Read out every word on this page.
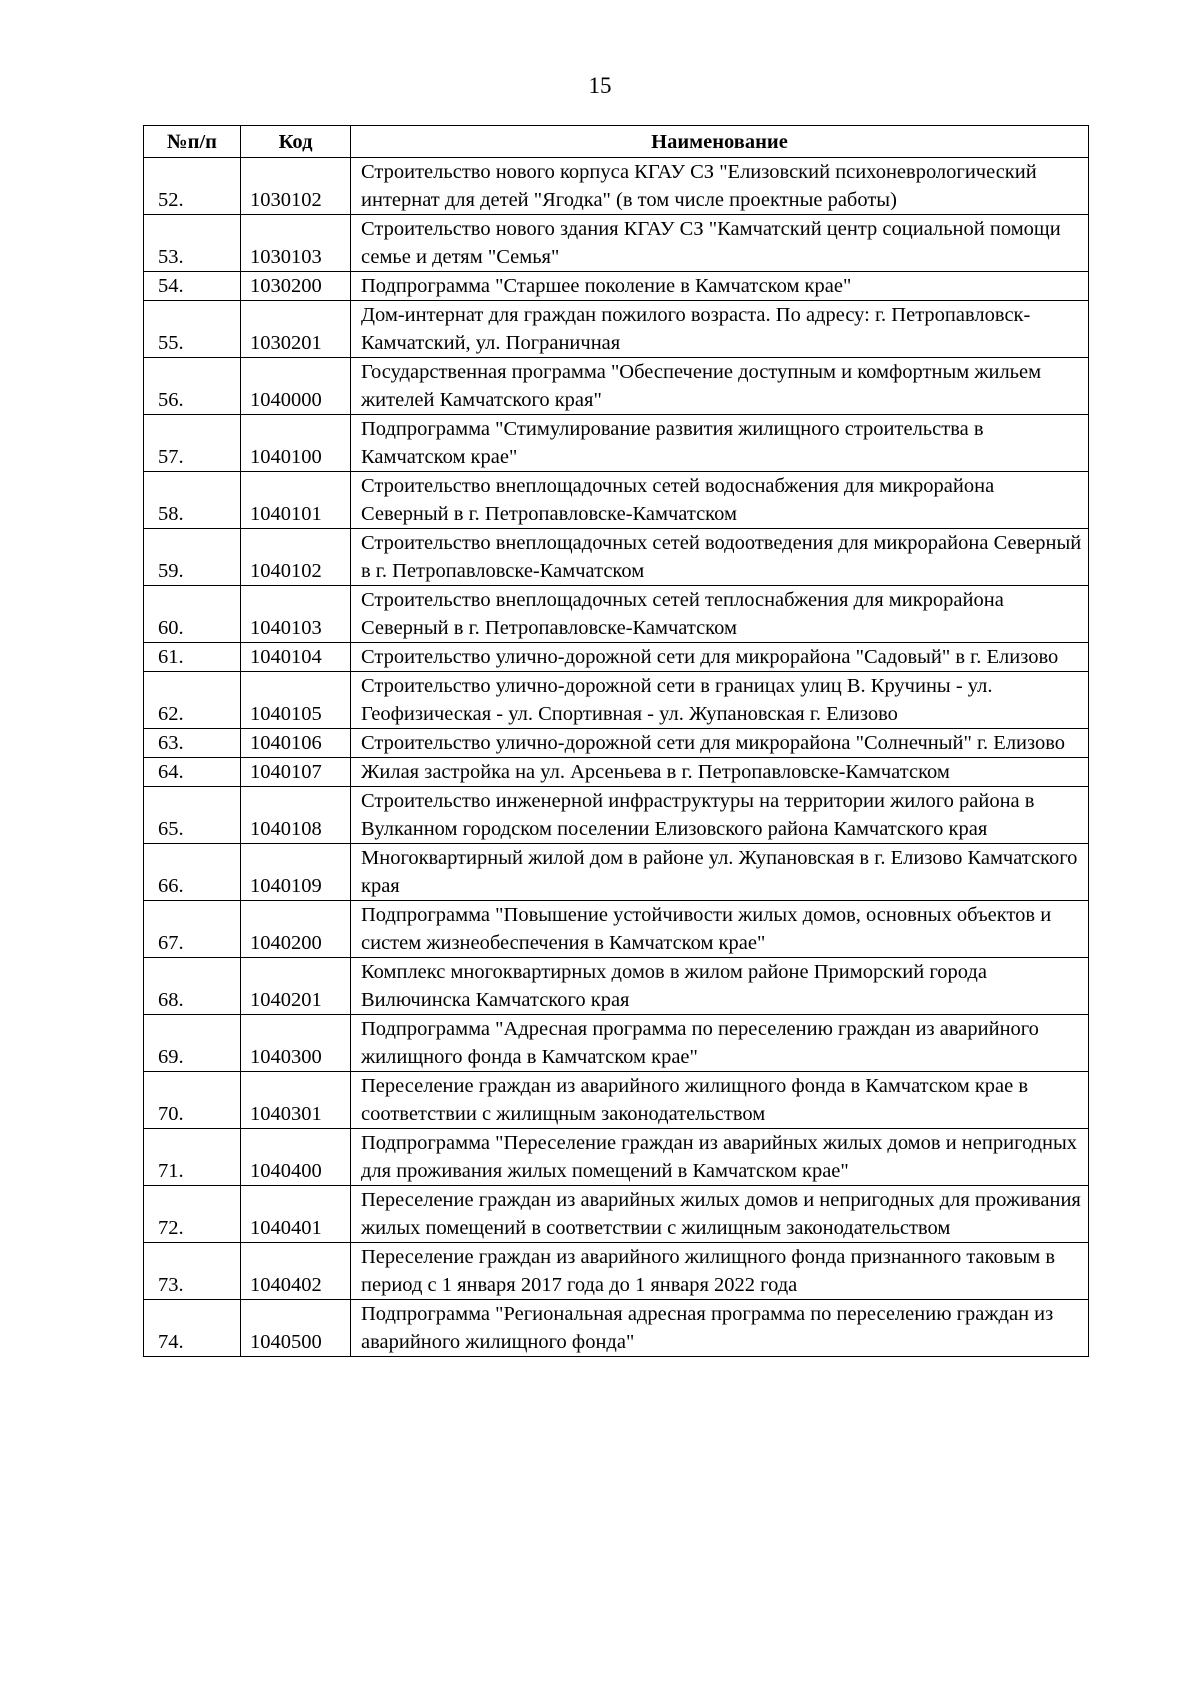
15
№п/п	Код	Наименование
52.	1030102	Строительство нового корпуса КГАУ СЗ "Елизовский психоневрологический интернат для детей "Ягодка" (в том числе проектные работы)
53.	1030103	Строительство нового здания КГАУ СЗ "Камчатский центр социальной помощи семье и детям "Семья"
54.	1030200	Подпрограмма "Старшее поколение в Камчатском крае"
55.	1030201	Дом-интернат для граждан пожилого возраста. По адресу: г. Петропавловск-Камчатский, ул. Пограничная
56.	1040000	Государственная программа "Обеспечение доступным и комфортным жильем жителей Камчатского края"
57.	1040100	Подпрограмма "Стимулирование развития жилищного строительства в Камчатском крае"
58.	1040101	Строительство внеплощадочных сетей водоснабжения для микрорайона Северный в г. Петропавловске-Камчатском
59.	1040102	Строительство внеплощадочных сетей водоотведения для микрорайона Северный в г. Петропавловске-Камчатском
60.	1040103	Строительство внеплощадочных сетей теплоснабжения для микрорайона Северный в г. Петропавловске-Камчатском
61.	1040104	Строительство улично-дорожной сети для микрорайона "Садовый" в г. Елизово
62.	1040105	Строительство улично-дорожной сети в границах улиц В. Кручины - ул. Геофизическая - ул. Спортивная - ул. Жупановская г. Елизово
63.	1040106	Строительство улично-дорожной сети для микрорайона "Солнечный" г. Елизово
64.	1040107	Жилая застройка на ул. Арсеньева в г. Петропавловске-Камчатском
65.	1040108	Строительство инженерной инфраструктуры на территории жилого района в Вулканном городском поселении Елизовского района Камчатского края
66.	1040109	Многоквартирный жилой дом в районе ул. Жупановская в г. Елизово Камчатского края
67.	1040200	Подпрограмма "Повышение устойчивости жилых домов, основных объектов и систем жизнеобеспечения в Камчатском крае"
68.	1040201	Комплекс многоквартирных домов в жилом районе Приморский города Вилючинска Камчатского края
69.	1040300	Подпрограмма "Адресная программа по переселению граждан из аварийного жилищного фонда в Камчатском крае"
70.	1040301	Переселение граждан из аварийного жилищного фонда в Камчатском крае в соответствии с жилищным законодательством
71.	1040400	Подпрограмма "Переселение граждан из аварийных жилых домов и непригодных для проживания жилых помещений в Камчатском крае"
72.	1040401	Переселение граждан из аварийных жилых домов и непригодных для проживания жилых помещений в соответствии с жилищным законодательством
73.	1040402	Переселение граждан из аварийного жилищного фонда признанного таковым в период с 1 января 2017 года до 1 января 2022 года
74.	1040500	Подпрограмма "Региональная адресная программа по переселению граждан из аварийного жилищного фонда"
